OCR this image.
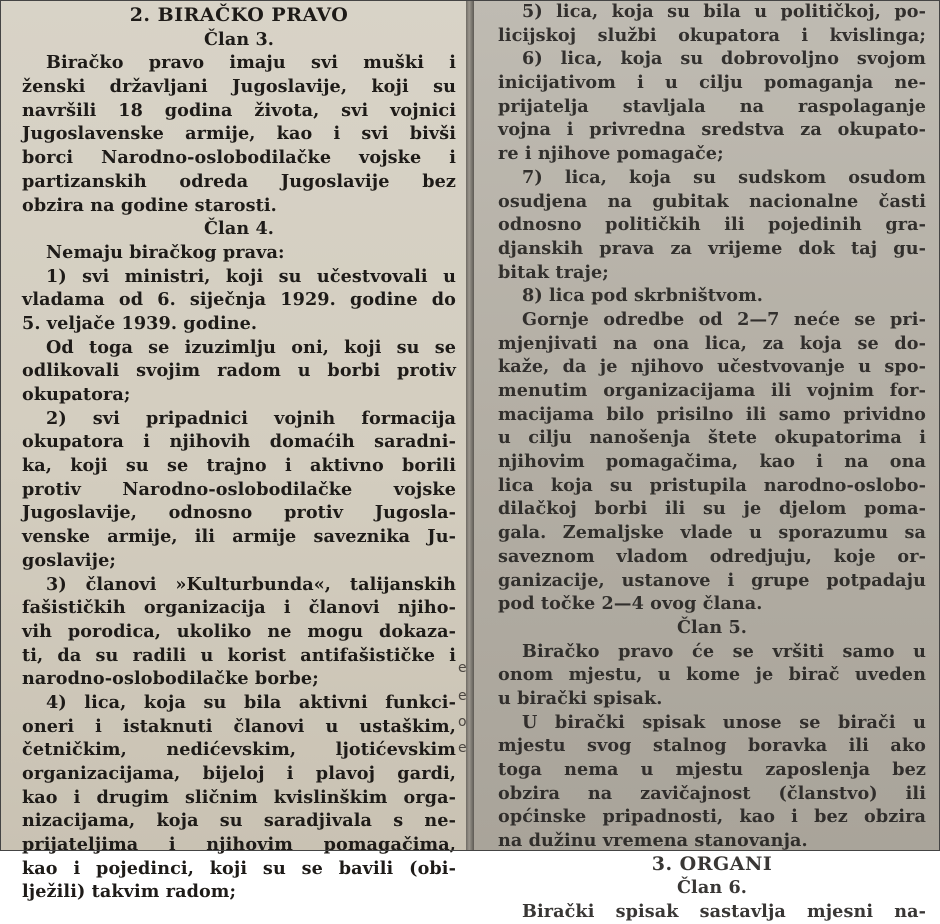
2. BIRAČKO PRAVO
Član 3.
Biračko pravo imaju svi muški i
ženski državljani Jugoslavije, koji su
navršili 18 godina života, svi vojnici
Jugoslavenske armije, kao i svi bivši
borci Narodno-oslobodilačke vojske i
partizanskih odreda Jugoslavije bez
obzira na godine starosti.
Član 4.
Nemaju biračkog prava:
1) svi ministri, koji su učestvovali u
vladama od 6. siječnja 1929. godine do
5. veljače 1939. godine.
Od toga se izuzimlju oni, koji su se
odlikovali svojim radom u borbi protiv
okupatora;
2) svi pripadnici vojnih formacija
okupatora i njihovih domaćih saradni-
ka, koji su se trajno i aktivno borili
protiv Narodno-oslobodilačke vojske
Jugoslavije, odnosno protiv Jugosla-
venske armije, ili armije saveznika Ju-
goslavije;
3) članovi »Kulturbunda«, talijanskih
fašističkih organizacija i članovi njiho-
vih porodica, ukoliko ne mogu dokaza-
ti, da su radili u korist antifašističke i
narodno-oslobodilačke borbe;
4) lica, koja su bila aktivni funkci-
oneri i istaknuti članovi u ustaškim,
četničkim, nedićevskim, ljotićevskim
organizacijama, bijeloj i plavoj gardi,
kao i drugim sličnim kvislinškim orga-
nizacijama, koja su saradjivala s ne-
prijateljima i njihovim pomagačima,
kao i pojedinci, koji su se bavili (obi-
lježili) takvim radom;
5) lica, koja su bila u političkoj, po-
licijskoj službi okupatora i kvislinga;
6) lica, koja su dobrovoljno svojom
inicijativom i u cilju pomaganja ne-
prijatelja stavljala na raspolaganje
vojna i privredna sredstva za okupato-
re i njihove pomagače;
7) lica, koja su sudskom osudom
osudjena na gubitak nacionalne časti
odnosno političkih ili pojedinih gra-
djanskih prava za vrijeme dok taj gu-
bitak traje;
8) lica pod skrbništvom.
Gornje odredbe od 2—7 neće se pri-
mjenjivati na ona lica, za koja se do-
kaže, da je njihovo učestvovanje u spo-
menutim organizacijama ili vojnim for-
macijama bilo prisilno ili samo prividno
u cilju nanošenja štete okupatorima i
njihovim pomagačima, kao i na ona
lica koja su pristupila narodno-oslobo-
dilačkoj borbi ili su je djelom poma-
gala. Zemaljske vlade u sporazumu sa
saveznom vladom odredjuju, koje or-
ganizacije, ustanove i grupe potpadaju
pod točke 2—4 ovog člana.
Član 5.
Biračko pravo će se vršiti samo u
onom mjestu, u kome je birač uveden
u birački spisak.
U birački spisak unose se birači u
mjestu svog stalnog boravka ili ako
toga nema u mjestu zaposlenja bez
obzira na zavičajnost (članstvo) ili
općinske pripadnosti, kao i bez obzira
na dužinu vremena stanovanja.
3. ORGANI
Član 6.
Birački spisak sastavlja mjesni na-
e
e
o
e
